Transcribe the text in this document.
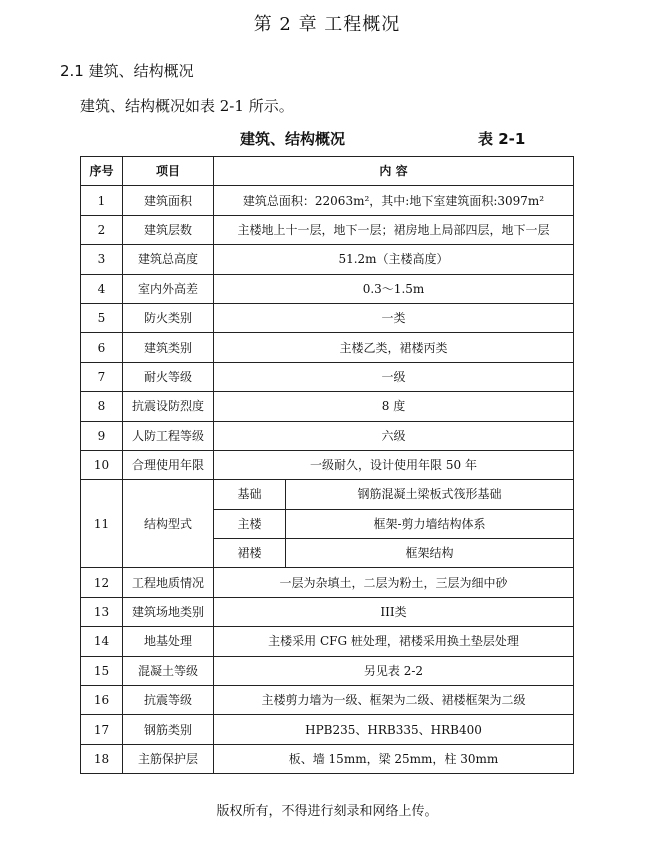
第 2 章 工程概况
2.1 建筑、结构概况
建筑、结构概况如表 2-1 所示。
建筑、结构概况	表 2-1
序号	项目	内 容	
1	建筑面积	建筑总面积：22063m²，其中:地下室建筑面积:3097m²	
2	建筑层数	主楼地上十一层，地下一层；裙房地上局部四层，地下一层	
3	建筑总高度	51.2m（主楼高度）	
4	室内外高差	0.3～1.5m	
5	防火类别	一类	
6	建筑类别	主楼乙类，裙楼丙类	
7	耐火等级	一级	
8	抗震设防烈度	8 度	
9	人防工程等级	六级	
10	合理使用年限	一级耐久，设计使用年限 50 年	
11	结构型式	基础	钢筋混凝土梁板式筏形基础
		主楼	框架-剪力墙结构体系
		裙楼	框架结构
12	工程地质情况	一层为杂填土，二层为粉土，三层为细中砂	
13	建筑场地类别	III类	
14	地基处理	主楼采用 CFG 桩处理，裙楼采用换土垫层处理	
15	混凝土等级	另见表 2-2	
16	抗震等级	主楼剪力墙为一级、框架为二级、裙楼框架为二级	
17	钢筋类别	HPB235、HRB335、HRB400	
18	主筋保护层	板、墙 15mm，梁 25mm，柱 30mm	
版权所有，不得进行刻录和网络上传。
